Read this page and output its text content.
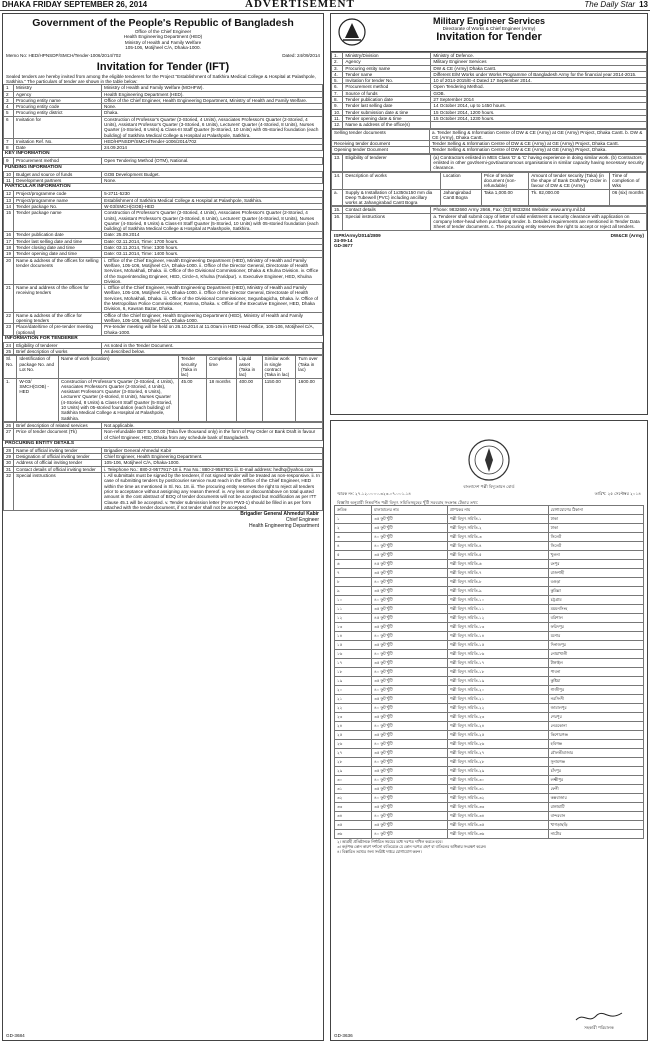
DHAKA FRIDAY SEPTEMBER 26, 2014	ADVERTISEMENT	The Daily Star 13
Government of the People's Republic of Bangladesh
Office of the Chief Engineer
Health Engineering Department (HED)
Ministry of Health and Family Welfare
105-106, Motijheel C/A, Dhaka-1000.
Memo No: HED/HPNSDP/SMCH/Tender-1006/2014/702	Dated: 24/09/2014
Invitation for Tender (IFT)
Sealed tenders are hereby invited from among the eligible tenderers for the Project "Establishment of Satkhira Medical College & Hospital at Palashpole, Satkhira." The particulars of tender are shown in the table below:
1	Ministry	Ministry of Health and Family Welfare (MOHFW).
2	Agency	Health Engineering Department (HED).
3	Procuring entity name	Office of the Chief Engineer, Health Engineering Department, Ministry of Health and Family Welfare.
4	Procuring entity code	None.
5	Procuring entity district	Dhaka.
6	Invitation for	Construction of Professor's Quarter (2-Storied, 4 Units), Associates Professor's Quarter (2-Storied, 4 Units), Assistant Professor's Quarter (3-Storied, 6 Units), Lecturers' Quarter (4-Storied, 8 Units), Nurses Quarter (4-Storied, 8 Units) & Class-III Staff Quarter (5-Storied, 10 Units) with 05-storied foundation (each building) of Satkhira Medical College & Hospital at Palashpole, Satkhira.
7	Invitation Ref. No.	HED/HPNSDP/SMCH/Tender-1006/2014/702
8	Date	24.09.2014
KEY INFORMATION
9	Procurement method	Open Tendering Method (OTM), National.
FUNDING INFORMATION
10	Budget and source of funds	GOB Development Budget.
11	Development partners	None.
PARTICULAR INFORMATION
12	Project/programme code	5-2711-5230
13	Project/programme name	Establishment of Satkhira Medical College & Hospital at Palashpole, Satkhira.
14	Tender package No.	W-03/SMCH(GOB)-HED
15	Tender package name	Construction of Professor's Quarter (2-Storied, 4 Units), Associates Professor's Quarter (2-Storied, 4 Units), Assistant Professor's Quarter (3-Storied, 6 Units), Lecturers' Quarter (4-Storied, 8 Units), Nurses Quarter (4-Storied, 8 Units) & Class-III Staff Quarter (5-Storied, 10 Units) with 05-storied foundation (each building) of Satkhira Medical College & Hospital at Palashpole, Satkhira.
16	Tender publication date	Date: 25.09.2014
17	Tender last selling date and time	Date: 02.11.2014, Time: 1700 hours.
18	Tender closing date and time	Date: 03.11.2014, Time: 1300 hours.
19	Tender opening date and time	Date: 03.11.2014, Time: 1400 hours.
20	Name & address of the offices for selling tender documents	i. Office of the Chief Engineer, Health Engineering Department (HED), Ministry of Health and Family Welfare, 105-106, Motijheel C/A, Dhaka-1000. ii. Office of the Director General, Directorate of Health Services, Mohakhali, Dhaka. iii. Office of the Divisional Commissioner, Dhaka & Khulna Division. iv. Office of the Superintending Engineer, HED, Circle-4, Khulna (Faridpur). v. Executive Engineer, HED, Khulna Division.
21	Name and address of the offices for receiving tenders	i. Office of the Chief Engineer, Health Engineering Department (HED), Ministry of Health and Family Welfare, 105-106, Motijheel C/A, Dhaka-1000. ii. Office of the Director General, Directorate of Health Services, Mohakhali, Dhaka. iii. Office of the Divisional Commissioner, Segunbagicha, Dhaka. iv. Office of the Metropolitan Police Commissioner, Ramna, Dhaka. v. Office of the Executive Engineer, HED, Dhaka Division, 6, Kawran Bazar, Dhaka.
22	Name & address of the office for opening tenders	Office of the Chief Engineer, Health Engineering Department (HED), Ministry of Health and Family Welfare, 105-106, Motijheel C/A, Dhaka-1000.
23	Place/date/time of pre-tender meeting (optional)	Pre-tender meeting will be held on 26.10.2014 at 11.00am in HED Head Office, 105-106, Motijheel C/A, Dhaka-1000.
INFORMATION FOR TENDERER
24	Eligibility of tenderer	As noted in the Tender Document.
25	Brief description of works	As described below.
Sl. No.	Identification of package No. and Lot No.	Name of work (location)	Tender security (Taka in lac)	Completion time	Liquid asset (Taka in lac)	Similar work in single contract (Taka in lac)	Turn over (Taka in lac)
1.	W-03/ SMCH(GOB) -HED	Construction of Professor's Quarter (2-Storied, 4 Units), Associates Professor's Quarter (2-Storied, 4 Units), Assistant Professor's Quarter (3-Storied, 6 Units), Lecturers' Quarter (4-storied, 8 Units), Nurses Quarter (4-Storied, 8 Units) & Class-III Staff Quarter (5-Storied, 10 Units) with 05-storied foundation (each building) of Satkhira Medical College & Hospital at Palashpole, Satkhira.	45.00	18 months	400.00	1150.00	1600.00
26	Brief description of related services	Not applicable.
27	Price of tender document (Tk)	Non-refundable BDT 5,000.00 (Taka five thousand only) in the form of Pay Order or Bank Draft in favour of Chief Engineer, HED, Dhaka from any schedule bank of Bangladesh.
PROCURING ENTITY DETAILS
28	Name of official inviting tender	Brigadier General Ahmedul Kabir
29	Designation of official inviting tender	Chief Engineer, Health Engineering Department.
30	Address of official inviting tender	105-106, Motijheel C/A, Dhaka-1000.
31	Contact details of official inviting tender	i. Telephone No.: 880-2-9577917-18 ii. Fax No.: 880-2-9587601 iii. E-mail address: hedhq@yahoo.com
32	Special instructions	i. All submittals must be signed by the tenderer, if not signed tender will be treated as non-responsive. ii. In case of submitting tenders by post/courier service must reach in the Office of the Chief Engineer, HED within the time as mentioned in Sl. No. 18. iii. The procuring entity reserves the right to reject all tenders prior to acceptance without assigning any reason thereof. iv. Any less or discount/above on total quoted amount in the cost abstract of BOQ of tender documents will not be accepted but modification as per ITT Clause 45.1 will be accepted. v. Tender submission letter (Form PW3-1) should be filled in as per form attached with the tender document, if not tender shall not be accepted.
Brigadier General Ahmedul Kabir
Chief Engineer
Health Engineering Department
GD-3684
Military Engineer Services
Directorate of Works & Chief Engineer (Army)
Invitation for Tender
1.	Ministry/Division	Ministry of Defence.
2.	Agency	Military Engineer Services
3.	Procuring entity name	DW & CE (Army) Dhaka Cantt.
4.	Tender name	Different E/M Works under Works Programme of Bangladesh Army for the financial year 2014-2015.
5.	Invitation for tender No.	10 of 2014-2015/E-4 Dated 17 September 2014.
6.	Procurement method	Open Tendering Method.
7.	Source of funds	GOB.
8.	Tender publication date	27 September 2014
9.	Tender last selling date	14 October 2014, up to 1450 hours.
10.	Tender submission date & time	15 October 2014, 1200 hours.
11.	Tender opening date & time	15 October 2014, 1230 hours.
12.	Name & address of the office(s)	
Selling tender documents	a. Tender Selling & Information Centre of DW & CE (Army) at GE (Army) Project, Dhaka Cantt. b. DW & CE (Army), Dhaka Cantt.
Receiving tender document	Tender Selling & Information Centre of DW & CE (Army) at GE (Army) Project, Dhaka Cantt.
Opening tender Document	Tender Selling & Information Centre of DW & CE (Army) at GE (Army) Project, Dhaka.
13.	Eligibility of tenderer	(a) Contractors enlisted in MES Class 'D' & 'C' having experience in doing similar work. (b) Contractors enlisted in other govt/semi-govt/autonomous organisations in similar capacity having necessary security clearance.
14.	Description of works	Location	Price of tender document (non-refundable)	Amount of tender security (Taka) (in the shape of Bank Draft/Pay Order in favour of DW & CE (Army)	Time of completion of Wks
a.	Supply & Installation of 1x350x150 mm dia Deep Tubewell (PVC) including ancillary works at Jahangirabad Cantt Bogra	Jahangirabad Cantt Bogra	Taka 1,000.00	Tk. 82,000.00	06 (six) months
15.	Contact details	Phone: 9832660 Army 2666, Fax: (02) 9833284 Website: www.army.mil.bd
16.	Special instructions	a. Tenderer shall submit copy of letter of valid enlistment & security clearance with application on company letter-head when purchasing tender. b. Detailed requirements are mentioned in Tender Data Sheet of tender documents. c. The procuring entity reserves the right to accept or reject all tenders.
ISPR/Army/2014/2809
24-09-14
GD-3677
DW&CE (Army)
বাংলাদেশ পল্লী বিদ্যুতায়ন বোর্ড
স্মারক নং: ২৭.১২.০০০০.৩২৩.০৭.০০১.১৪	তারিখ: ২৫ সেপ্টেম্বর ২০১৪
বিজ্ঞপ্তি অনুযায়ী নিম্নবর্ণিত পল্লী বিদ্যুৎ সমিতিসমূহের খুঁটি সরবরাহ সংক্রান্ত টেন্ডার তথ্য:
ক্রমিক	মালামালের নাম	প্রাপকের নাম	যোগাযোগের ঠিকানা
১	৩৫ ফুট খুঁটি	পল্লী বিদ্যুৎ সমিতি-১	ঢাকা
২	৩৫ ফুট খুঁটি	পল্লী বিদ্যুৎ সমিতি-২	ঢাকা
৩	৪০ ফুট খুঁটি	পল্লী বিদ্যুৎ সমিতি-৩	সিলেট
৪	৪০ ফুট খুঁটি	পল্লী বিদ্যুৎ সমিতি-৪	সিলেট
৫	৩৫ ফুট খুঁটি	পল্লী বিদ্যুৎ সমিতি-৫	খুলনা
৬	৪৫ ফুট খুঁটি	পল্লী বিদ্যুৎ সমিতি-৬	রংপুর
৭	৩৫ ফুট খুঁটি	পল্লী বিদ্যুৎ সমিতি-৭	রাজশাহী
৮	৪০ ফুট খুঁটি	পল্লী বিদ্যুৎ সমিতি-৮	বগুড়া
৯	৩৫ ফুট খুঁটি	পল্লী বিদ্যুৎ সমিতি-৯	কুমিল্লা
১০	৪০ ফুট খুঁটি	পল্লী বিদ্যুৎ সমিতি-১০	চট্টগ্রাম
১১	৩৫ ফুট খুঁটি	পল্লী বিদ্যুৎ সমিতি-১১	ময়মনসিংহ
১২	৪৫ ফুট খুঁটি	পল্লী বিদ্যুৎ সমিতি-১২	বরিশাল
১৩	৩৫ ফুট খুঁটি	পল্লী বিদ্যুৎ সমিতি-১৩	ফরিদপুর
১৪	৪০ ফুট খুঁটি	পল্লী বিদ্যুৎ সমিতি-১৪	যশোর
১৫	৩৫ ফুট খুঁটি	পল্লী বিদ্যুৎ সমিতি-১৫	দিনাজপুর
১৬	৪০ ফুট খুঁটি	পল্লী বিদ্যুৎ সমিতি-১৬	নোয়াখালী
১৭	৩৫ ফুট খুঁটি	পল্লী বিদ্যুৎ সমিতি-১৭	টাঙ্গাইল
১৮	৪০ ফুট খুঁটি	পল্লী বিদ্যুৎ সমিতি-১৮	পাবনা
১৯	৩৫ ফুট খুঁটি	পল্লী বিদ্যুৎ সমিতি-১৯	কুষ্টিয়া
২০	৪০ ফুট খুঁটি	পল্লী বিদ্যুৎ সমিতি-২০	গাজীপুর
২১	৩৫ ফুট খুঁটি	পল্লী বিদ্যুৎ সমিতি-২১	নরসিংদী
২২	৪০ ফুট খুঁটি	পল্লী বিদ্যুৎ সমিতি-২২	জামালপুর
২৩	৩৫ ফুট খুঁটি	পল্লী বিদ্যুৎ সমিতি-২৩	শেরপুর
২৪	৪০ ফুট খুঁটি	পল্লী বিদ্যুৎ সমিতি-২৪	নেত্রকোনা
২৫	৩৫ ফুট খুঁটি	পল্লী বিদ্যুৎ সমিতি-২৫	কিশোরগঞ্জ
২৬	৪০ ফুট খুঁটি	পল্লী বিদ্যুৎ সমিতি-২৬	হবিগঞ্জ
২৭	৩৫ ফুট খুঁটি	পল্লী বিদ্যুৎ সমিতি-২৭	মৌলভীবাজার
২৮	৪০ ফুট খুঁটি	পল্লী বিদ্যুৎ সমিতি-২৮	সুনামগঞ্জ
২৯	৩৫ ফুট খুঁটি	পল্লী বিদ্যুৎ সমিতি-২৯	চাঁদপুর
৩০	৪০ ফুট খুঁটি	পল্লী বিদ্যুৎ সমিতি-৩০	লক্ষ্মীপুর
৩১	৩৫ ফুট খুঁটি	পল্লী বিদ্যুৎ সমিতি-৩১	ফেনী
৩২	৪০ ফুট খুঁটি	পল্লী বিদ্যুৎ সমিতি-৩২	কক্সবাজার
৩৩	৩৫ ফুট খুঁটি	পল্লী বিদ্যুৎ সমিতি-৩৩	রাঙ্গামাটি
৩৪	৪০ ফুট খুঁটি	পল্লী বিদ্যুৎ সমিতি-৩৪	বান্দরবান
৩৫	৩৫ ফুট খুঁটি	পল্লী বিদ্যুৎ সমিতি-৩৫	খাগড়াছড়ি
৩৬	৪০ ফুট খুঁটি	পল্লী বিদ্যুৎ সমিতি-৩৬	নাটোর
২। আগ্রহী প্রতিষ্ঠানকে নির্ধারিত সময়ের মধ্যে দরপত্র দাখিল করতে হবে।
৩। কর্তৃপক্ষ কোন কারণ দর্শানো ব্যতিরেকে যে কোন দরপত্র গ্রহণ বা বাতিলের অধিকার সংরক্ষণ করেন।
৪। বিস্তারিত তথ্যের জন্য সংশ্লিষ্ট দপ্তরে যোগাযোগ করুন।
সহকারী পরিচালক
GD-3636
